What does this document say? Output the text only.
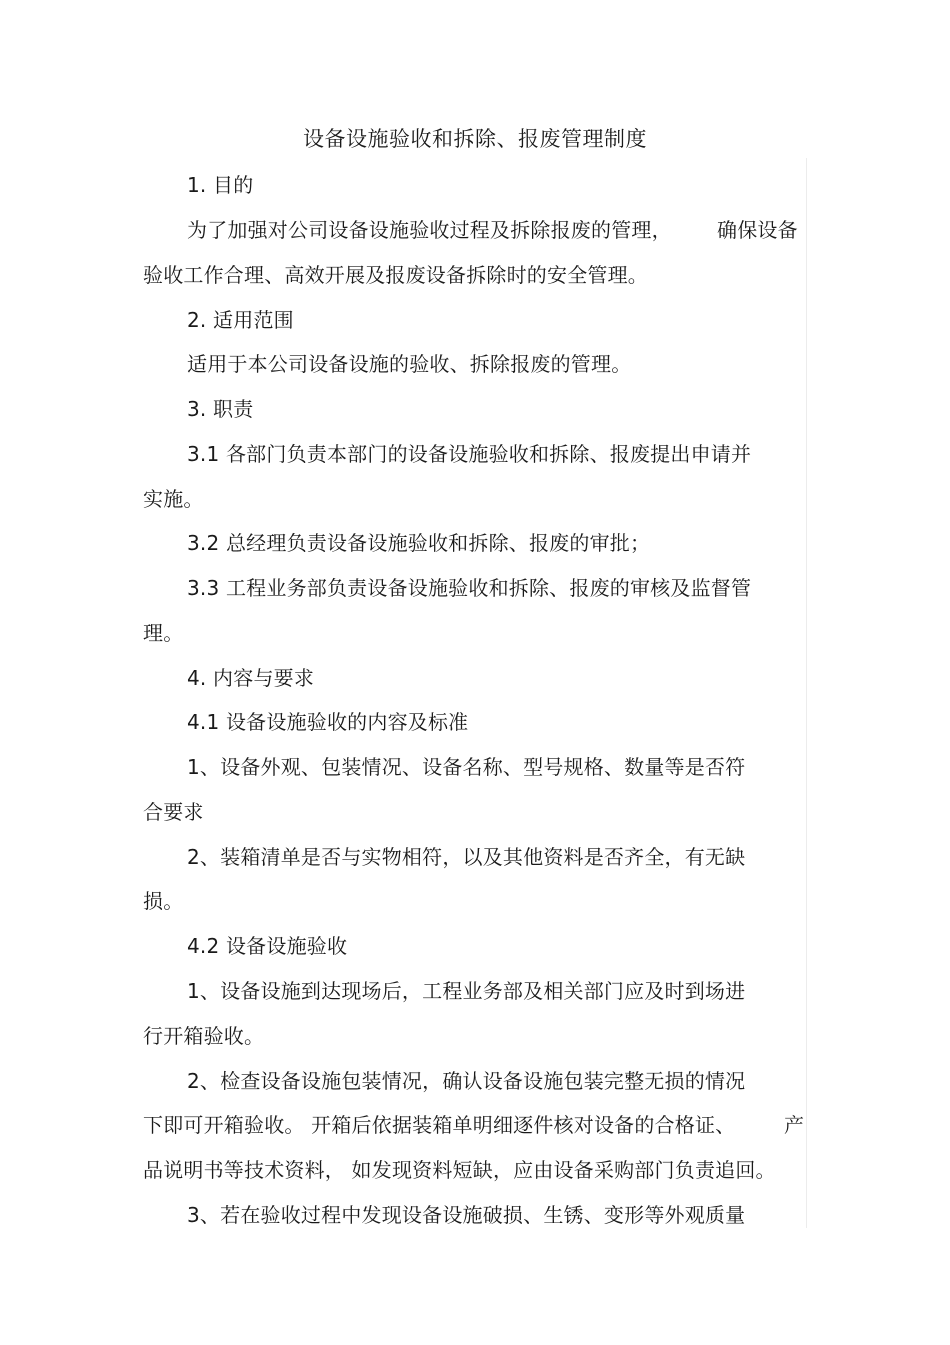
设备设施验收和拆除、报废管理制度
1. 目的
为了加强对公司设备设施验收过程及拆除报废的管理， 确保设备
验收工作合理、高效开展及报废设备拆除时的安全管理。
2. 适用范围
适用于本公司设备设施的验收、拆除报废的管理。
3. 职责
3.1 各部门负责本部门的设备设施验收和拆除、报废提出申请并
实施。
3.2 总经理负责设备设施验收和拆除、报废的审批；
3.3 工程业务部负责设备设施验收和拆除、报废的审核及监督管
理。
4. 内容与要求
4.1 设备设施验收的内容及标准
1、设备外观、包装情况、设备名称、型号规格、数量等是否符
合要求
2、装箱清单是否与实物相符，以及其他资料是否齐全，有无缺
损。
4.2 设备设施验收
1、设备设施到达现场后，工程业务部及相关部门应及时到场进
行开箱验收。
2、检查设备设施包装情况，确认设备设施包装完整无损的情况
下即可开箱验收。 开箱后依据装箱单明细逐件核对设备的合格证、 产
品说明书等技术资料， 如发现资料短缺，应由设备采购部门负责追回。
3、若在验收过程中发现设备设施破损、生锈、变形等外观质量
